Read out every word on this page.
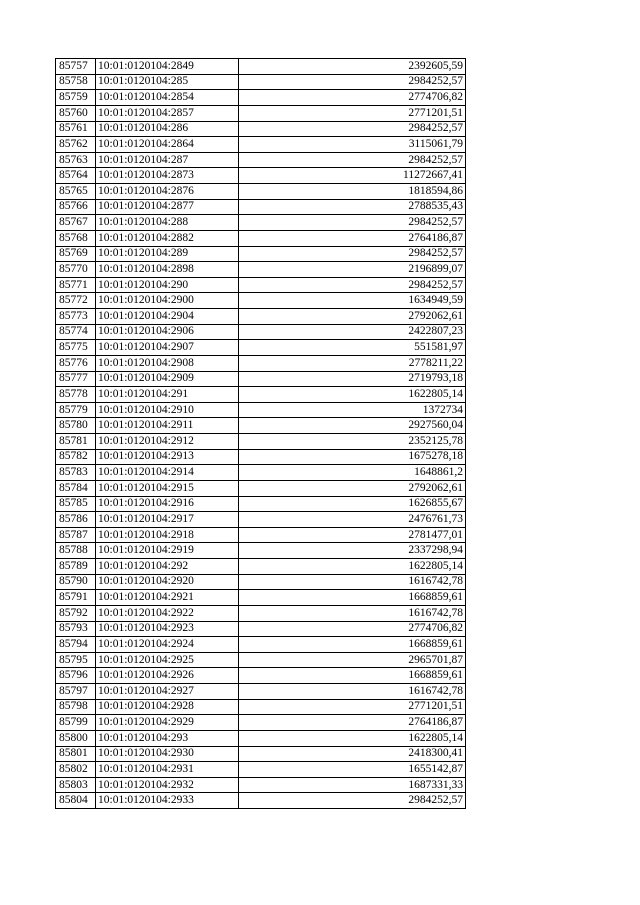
85757	10:01:0120104:2849	2392605,59
85758	10:01:0120104:285	2984252,57
85759	10:01:0120104:2854	2774706,82
85760	10:01:0120104:2857	2771201,51
85761	10:01:0120104:286	2984252,57
85762	10:01:0120104:2864	3115061,79
85763	10:01:0120104:287	2984252,57
85764	10:01:0120104:2873	11272667,41
85765	10:01:0120104:2876	1818594,86
85766	10:01:0120104:2877	2788535,43
85767	10:01:0120104:288	2984252,57
85768	10:01:0120104:2882	2764186,87
85769	10:01:0120104:289	2984252,57
85770	10:01:0120104:2898	2196899,07
85771	10:01:0120104:290	2984252,57
85772	10:01:0120104:2900	1634949,59
85773	10:01:0120104:2904	2792062,61
85774	10:01:0120104:2906	2422807,23
85775	10:01:0120104:2907	551581,97
85776	10:01:0120104:2908	2778211,22
85777	10:01:0120104:2909	2719793,18
85778	10:01:0120104:291	1622805,14
85779	10:01:0120104:2910	1372734
85780	10:01:0120104:2911	2927560,04
85781	10:01:0120104:2912	2352125,78
85782	10:01:0120104:2913	1675278,18
85783	10:01:0120104:2914	1648861,2
85784	10:01:0120104:2915	2792062,61
85785	10:01:0120104:2916	1626855,67
85786	10:01:0120104:2917	2476761,73
85787	10:01:0120104:2918	2781477,01
85788	10:01:0120104:2919	2337298,94
85789	10:01:0120104:292	1622805,14
85790	10:01:0120104:2920	1616742,78
85791	10:01:0120104:2921	1668859,61
85792	10:01:0120104:2922	1616742,78
85793	10:01:0120104:2923	2774706,82
85794	10:01:0120104:2924	1668859,61
85795	10:01:0120104:2925	2965701,87
85796	10:01:0120104:2926	1668859,61
85797	10:01:0120104:2927	1616742,78
85798	10:01:0120104:2928	2771201,51
85799	10:01:0120104:2929	2764186,87
85800	10:01:0120104:293	1622805,14
85801	10:01:0120104:2930	2418300,41
85802	10:01:0120104:2931	1655142,87
85803	10:01:0120104:2932	1687331,33
85804	10:01:0120104:2933	2984252,57
